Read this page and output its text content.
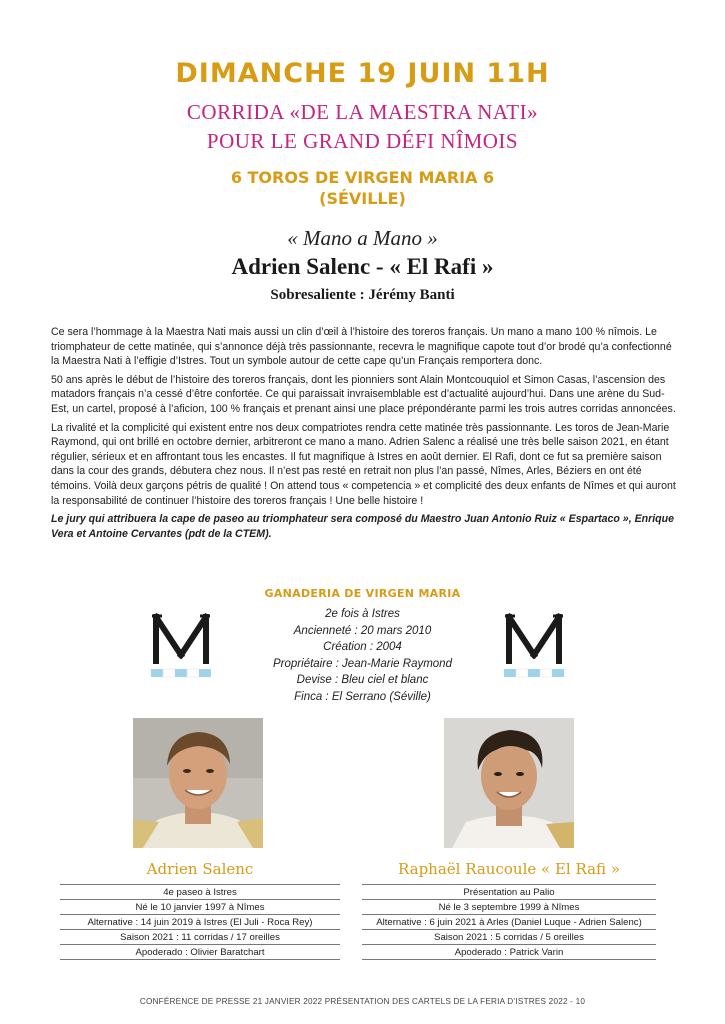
DIMANCHE 19 JUIN 11H
CORRIDA «DE LA MAESTRA NATI»
POUR LE GRAND DÉFI NÎMOIS
6 TOROS DE VIRGEN MARIA 6
(SÉVILLE)
« Mano a Mano »
Adrien Salenc - « El Rafi »
Sobresaliente : Jérémy Banti

Ce sera l’hommage à la Maestra Nati mais aussi un clin d’œil à l’histoire des toreros français. Un mano a mano 100 % nîmois. Le triomphateur de cette matinée, qui s’annonce déjà très passionnante, recevra le magnifique capote tout d’or brodé qu’a confectionné la Maestra Nati à l’effigie d’Istres. Tout un symbole autour de cette cape qu’un Français remportera donc.

50 ans après le début de l’histoire des toreros français, dont les pionniers sont Alain Montcouquiol et Simon Casas, l’ascension des matadors français n’a cessé d’être confortée. Ce qui paraissait invraisemblable est d’actualité aujourd’hui. Dans une arène du Sud-Est, un cartel, proposé à l’aficion, 100 % français et prenant ainsi une place prépondérante parmi les trois autres corridas annoncées.

La rivalité et la complicité qui existent entre nos deux compatriotes rendra cette matinée très passionnante. Les toros de Jean-Marie Raymond, qui ont brillé en octobre dernier, arbitreront ce mano a mano. Adrien Salenc a réalisé une très belle saison 2021, en étant régulier, sérieux et en affrontant tous les encastes. Il fut magnifique à Istres en août dernier. El Rafi, dont ce fut sa première saison dans la cour des grands, débutera chez nous. Il n’est pas resté en retrait non plus l’an passé, Nîmes, Arles, Béziers en ont été témoins. Voilà deux garçons pétris de qualité ! On attend tous « competencia » et complicité des deux enfants de Nîmes et qui auront la responsabilité de continuer l’histoire des toreros français ! Une belle histoire !

Le jury qui attribuera la cape de paseo au triomphateur sera composé du Maestro Juan Antonio Ruiz « Espartaco », Enrique Vera et Antoine Cervantes (pdt de la CTEM).

GANADERIA DE VIRGEN MARIA
2e fois à Istres
Ancienneté : 20 mars 2010
Création : 2004
Propriétaire : Jean-Marie Raymond
Devise : Bleu ciel et blanc
Finca : El Serrano (Séville)
Adrien Salenc	Raphaël Raucoule « El Rafi »
4e paseo à Istres
Né le 10 janvier 1997 à Nîmes
Alternative : 14 juin 2019 à Istres (El Juli - Roca Rey)
Saison 2021 : 11 corridas / 17 oreilles
Apoderado : Olivier Baratchart
Présentation au Palio
Né le 3 septembre 1999 à Nîmes
Alternative : 6 juin 2021 à Arles (Daniel Luque - Adrien Salenc)
Saison 2021 : 5 corridas / 5 oreilles
Apoderado : Patrick Varin
CONFÉRENCE DE PRESSE 21 JANVIER 2022 PRÉSENTATION DES CARTELS DE LA FERIA D’ISTRES 2022 - 10
